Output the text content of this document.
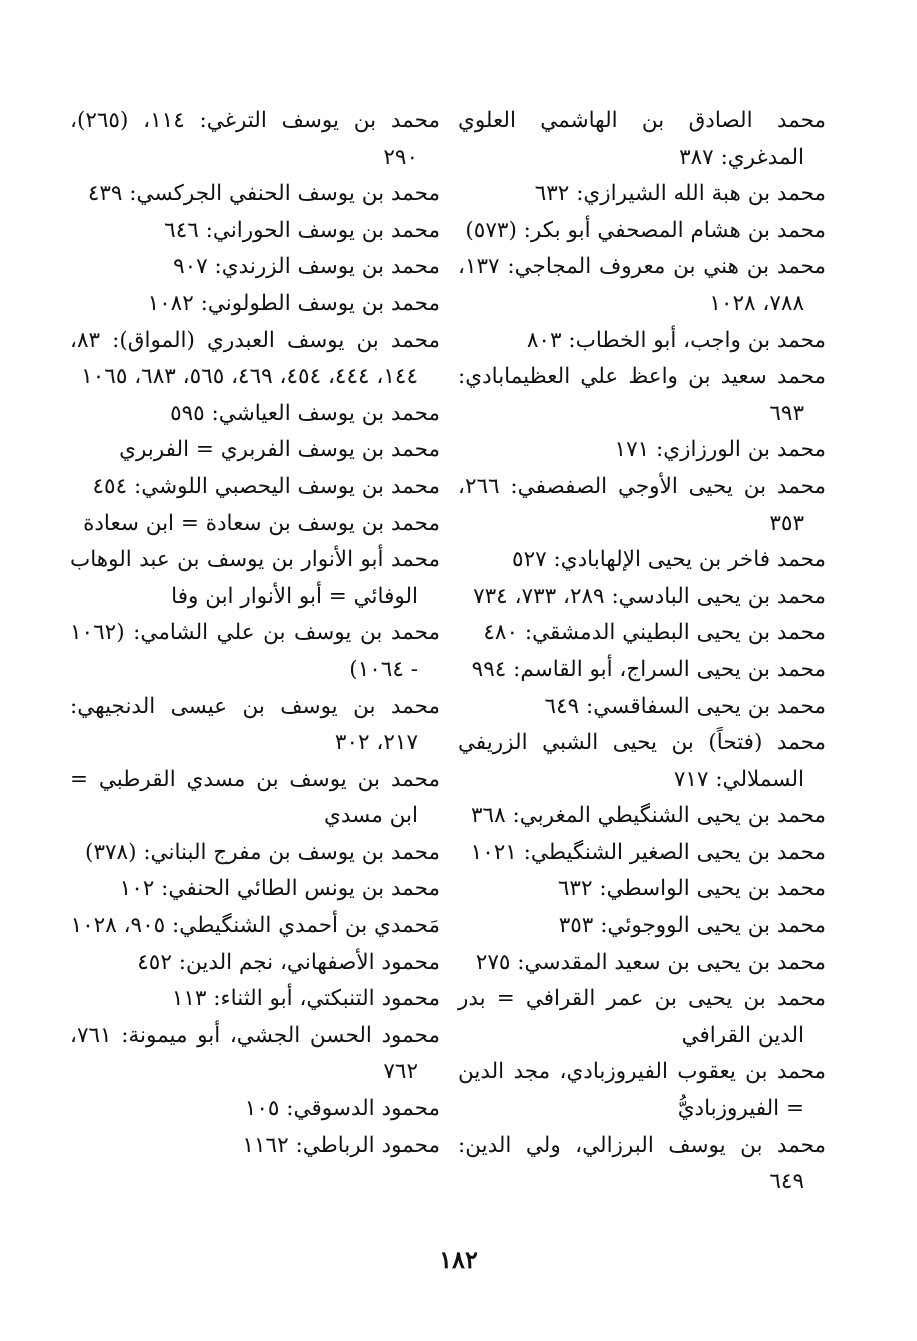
محمد الصادق بن الهاشمي العلوي المدغري: ٣٨٧

محمد بن هبة الله الشيرازي: ٦٣٢

محمد بن هشام المصحفي أبو بكر: (٥٧٣)

محمد بن هني بن معروف المجاجي: ١٣٧، ٧٨٨، ١٠٢٨

محمد بن واجب، أبو الخطاب: ٨٠٣

محمد سعيد بن واعظ علي العظيمابادي: ٦٩٣

محمد بن الورزازي: ١٧١

محمد بن يحيى الأوجي الصفصفي: ٢٦٦، ٣٥٣

محمد فاخر بن يحيى الإلهابادي: ٥٢٧

محمد بن يحيى البادسي: ٢٨٩، ٧٣٣، ٧٣٤

محمد بن يحيى البطيني الدمشقي: ٤٨٠

محمد بن يحيى السراج، أبو القاسم: ٩٩٤

محمد بن يحيى السفاقسي: ٦٤٩

محمد (فتحاً) بن يحيى الشبي الزريفي السملالي: ٧١٧

محمد بن يحيى الشنگيطي المغربي: ٣٦٨

محمد بن يحيى الصغير الشنگيطي: ١٠٢١

محمد بن يحيى الواسطي: ٦٣٢

محمد بن يحيى الووجوئي: ٣٥٣

محمد بن يحيى بن سعيد المقدسي: ٢٧٥

محمد بن يحيى بن عمر القرافي = بدر الدين القرافي

محمد بن يعقوب الفيروزبادي، مجد الدين = الفيروزباديُّ

محمد بن يوسف البرزالي، ولي الدين: ٦٤٩

محمد بن يوسف الترغي: ١١٤، (٢٦٥)، ٢٩٠

محمد بن يوسف الحنفي الجركسي: ٤٣٩

محمد بن يوسف الحوراني: ٦٤٦

محمد بن يوسف الزرندي: ٩٠٧

محمد بن يوسف الطولوني: ١٠٨٢

محمد بن يوسف العبدري (المواق): ٨٣، ١٤٤، ٤٤٤، ٤٥٤، ٤٦٩، ٥٦٥، ٦٨٣، ١٠٦٥

محمد بن يوسف العياشي: ٥٩٥

محمد بن يوسف الفربري = الفربري

محمد بن يوسف اليحصبي اللوشي: ٤٥٤

محمد بن يوسف بن سعادة = ابن سعادة

محمد أبو الأنوار بن يوسف بن عبد الوهاب الوفائي = أبو الأنوار ابن وفا

محمد بن يوسف بن علي الشامي: (١٠٦٢ - ١٠٦٤)

محمد بن يوسف بن عيسى الدنجيهي: ٢١٧، ٣٠٢

محمد بن يوسف بن مسدي القرطبي = ابن مسدي

محمد بن يوسف بن مفرج البناني: (٣٧٨)

محمد بن يونس الطائي الحنفي: ١٠٢

مَحمدي بن أحمدي الشنگيطي: ٩٠٥، ١٠٢٨

محمود الأصفهاني، نجم الدين: ٤٥٢

محمود التنبكتي، أبو الثناء: ١١٣

محمود الحسن الجشي، أبو ميمونة: ٧٦١، ٧٦٢

محمود الدسوقي: ١٠٥

محمود الرباطي: ١١٦٢

١٨٢
